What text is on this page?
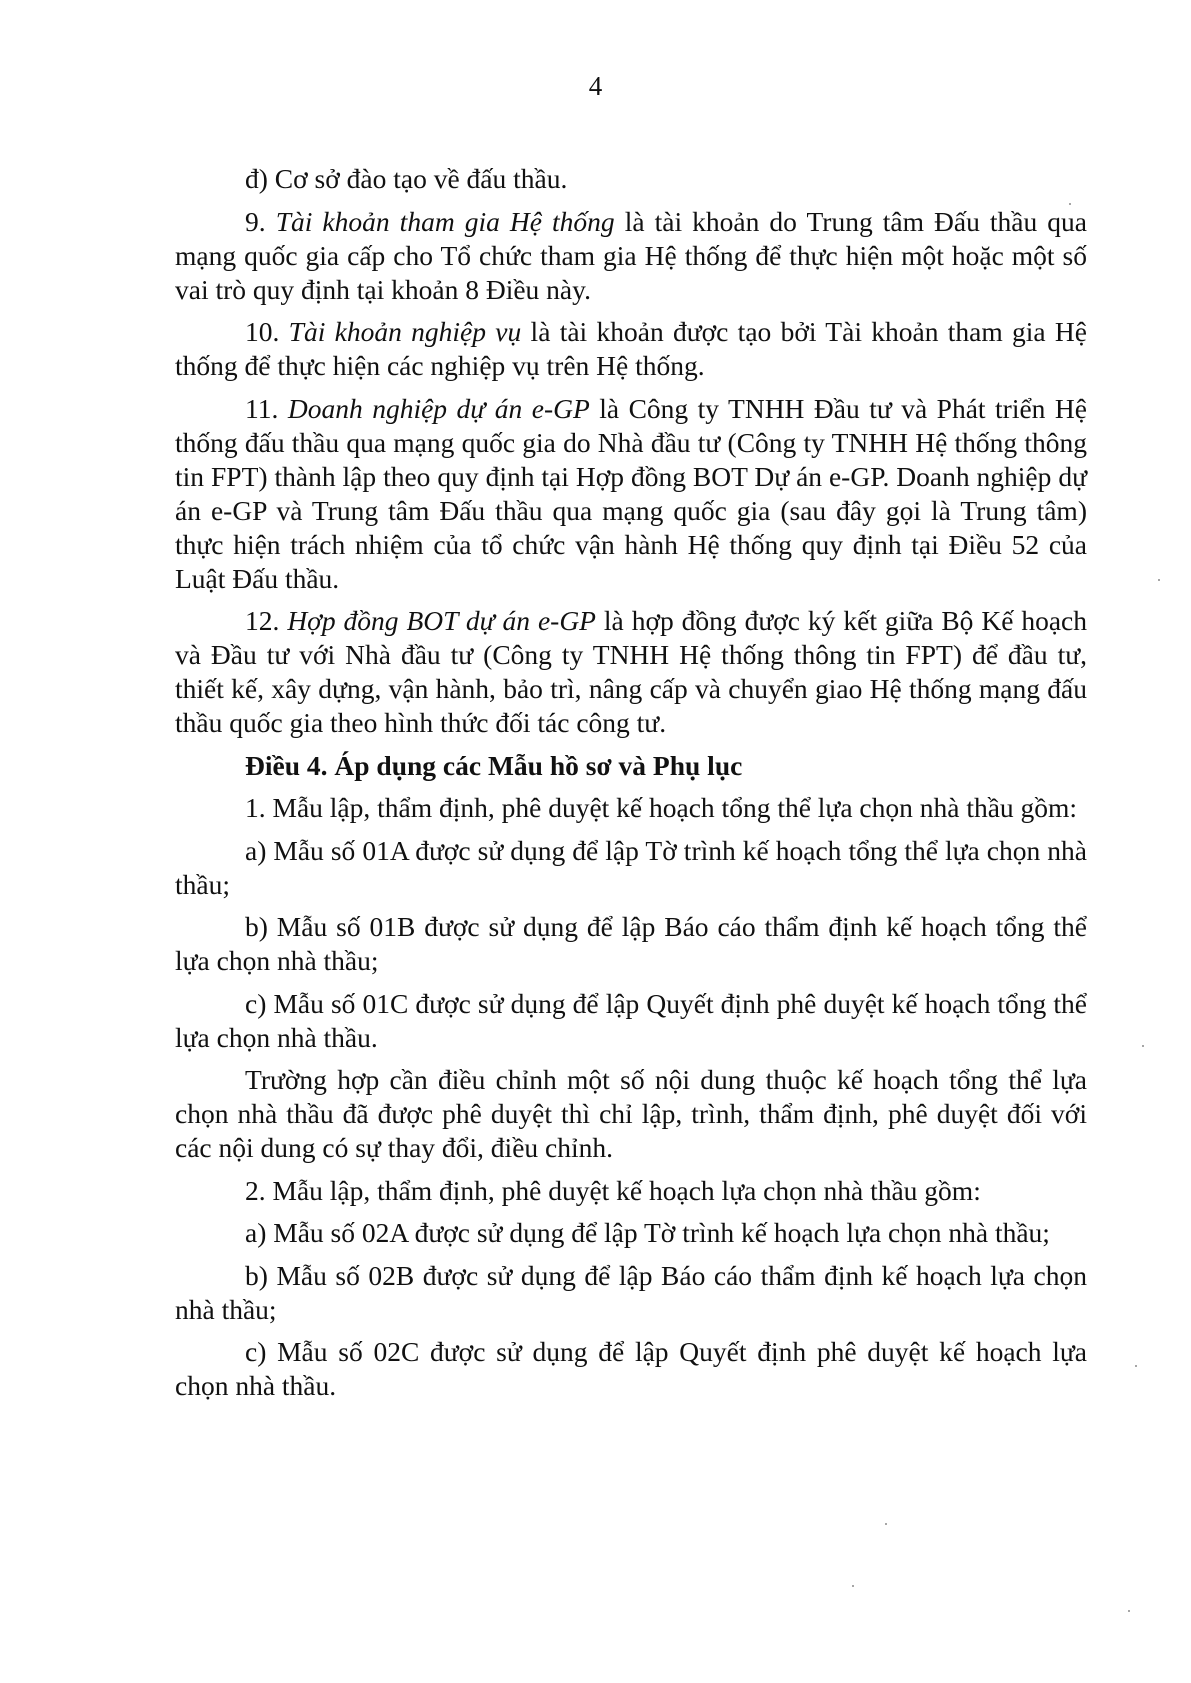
4

đ) Cơ sở đào tạo về đấu thầu.

9. Tài khoản tham gia Hệ thống là tài khoản do Trung tâm Đấu thầu qua mạng quốc gia cấp cho Tổ chức tham gia Hệ thống để thực hiện một hoặc một số vai trò quy định tại khoản 8 Điều này.

10. Tài khoản nghiệp vụ là tài khoản được tạo bởi Tài khoản tham gia Hệ thống để thực hiện các nghiệp vụ trên Hệ thống.

11. Doanh nghiệp dự án e-GP là Công ty TNHH Đầu tư và Phát triển Hệ thống đấu thầu qua mạng quốc gia do Nhà đầu tư (Công ty TNHH Hệ thống thông tin FPT) thành lập theo quy định tại Hợp đồng BOT Dự án e-GP. Doanh nghiệp dự án e-GP và Trung tâm Đấu thầu qua mạng quốc gia (sau đây gọi là Trung tâm) thực hiện trách nhiệm của tổ chức vận hành Hệ thống quy định tại Điều 52 của Luật Đấu thầu.

12. Hợp đồng BOT dự án e-GP là hợp đồng được ký kết giữa Bộ Kế hoạch và Đầu tư với Nhà đầu tư (Công ty TNHH Hệ thống thông tin FPT) để đầu tư, thiết kế, xây dựng, vận hành, bảo trì, nâng cấp và chuyển giao Hệ thống mạng đấu thầu quốc gia theo hình thức đối tác công tư.

Điều 4. Áp dụng các Mẫu hồ sơ và Phụ lục

1. Mẫu lập, thẩm định, phê duyệt kế hoạch tổng thể lựa chọn nhà thầu gồm:

a) Mẫu số 01A được sử dụng để lập Tờ trình kế hoạch tổng thể lựa chọn nhà thầu;

b) Mẫu số 01B được sử dụng để lập Báo cáo thẩm định kế hoạch tổng thể lựa chọn nhà thầu;

c) Mẫu số 01C được sử dụng để lập Quyết định phê duyệt kế hoạch tổng thể lựa chọn nhà thầu.

Trường hợp cần điều chỉnh một số nội dung thuộc kế hoạch tổng thể lựa chọn nhà thầu đã được phê duyệt thì chỉ lập, trình, thẩm định, phê duyệt đối với các nội dung có sự thay đổi, điều chỉnh.

2. Mẫu lập, thẩm định, phê duyệt kế hoạch lựa chọn nhà thầu gồm:

a) Mẫu số 02A được sử dụng để lập Tờ trình kế hoạch lựa chọn nhà thầu;

b) Mẫu số 02B được sử dụng để lập Báo cáo thẩm định kế hoạch lựa chọn nhà thầu;

c) Mẫu số 02C được sử dụng để lập Quyết định phê duyệt kế hoạch lựa chọn nhà thầu.
